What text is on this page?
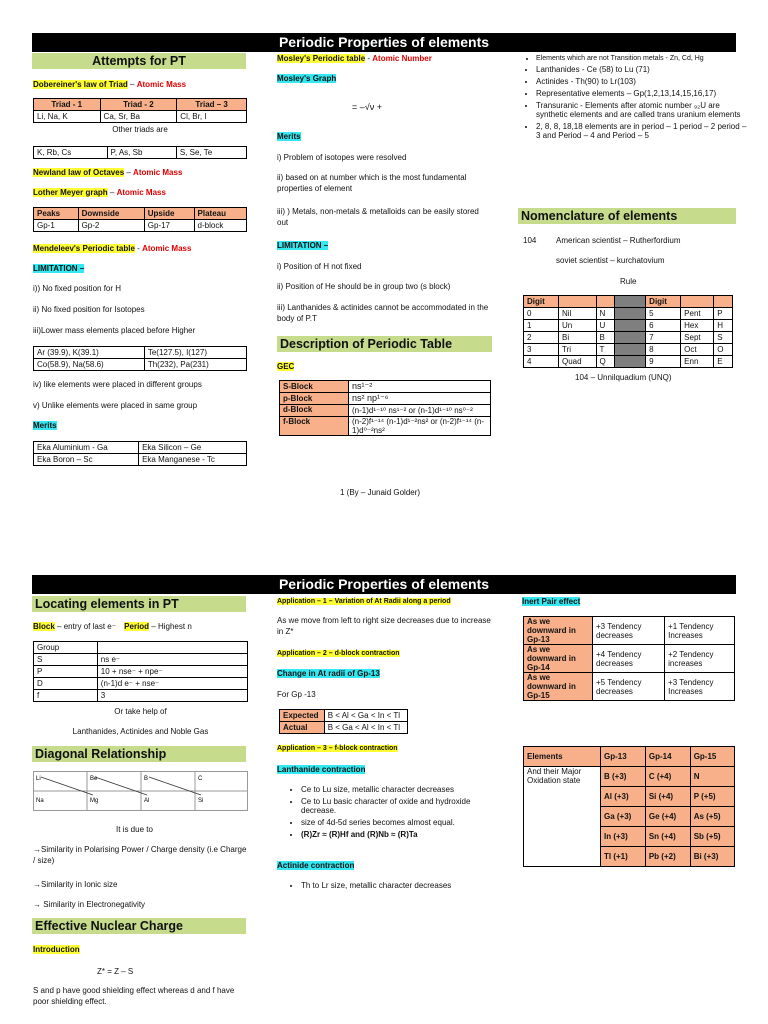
Periodic Properties of elements
Attempts for PT
Dobereiner's law of Triad – Atomic Mass
Triad - 1	Triad - 2	Triad – 3
Li, Na, K	Ca, Sr, Ba	Cl, Br, I
Other triads are
K, Rb, Cs	P, As, Sb	S, Se, Te
Newland law of Octaves – Atomic Mass
Lother Meyer graph – Atomic Mass
Peaks	Downside	Upside	Plateau
Gp-1	Gp-2	Gp-17	d-block
Mendeleev's Periodic table - Atomic Mass
LIMITATION –
i)) No fixed position for H
ii) No fixed position for Isotopes
iii)Lower mass elements placed before Higher
Ar (39.9), K(39.1)	Te(127.5), I(127)
Co(58.9), Na(58.6)	Th(232), Pa(231)
iv) like elements were placed in different groups
v) Unlike elements were placed in same group
Merits
Eka Aluminium - Ga	Eka Silicon – Ge
Eka Boron – Sc	Eka Manganese - Tc
Mosley's Periodic table - Atomic Number
Mosley's Graph
= –√ν +
Merits
i) Problem of isotopes were resolved
ii) based on at number which is the most fundamental properties of element
iii) ) Metals, non-metals & metalloids can be easily stored out
LIMITATION –
i) Position of H not fixed
ii) Position of He should be in group two (s block)
iii) Lanthanides & actinides cannot be accommodated in the body of P.T
Description of Periodic Table
GEC
S-Block	ns¹⁻²
p-Block	ns² np¹⁻⁶
d-Block	(n-1)d¹⁻¹⁰ ns¹⁻² or (n-1)d¹⁻¹⁰ ns⁰⁻²
f-Block	(n-2)f¹⁻¹⁴ (n-1)d¹⁻²ns² or (n-2)f¹⁻¹⁴ (n-1)d⁰⁻²ns²
1 (By – Junaid Golder)
• Elements which are not Transition metals - Zn, Cd, Hg
• Lanthanides - Ce (58) to Lu (71)
• Actinides - Th(90) to Lr(103)
• Representative elements – Gp(1,2,13,14,15,16,17)
• Transuranic - Elements after atomic number ₉₂U are synthetic elements and are called trans uranium elements
• 2, 8, 8, 18,18 elements are in period – 1 period – 2 period – 3 and Period – 4 and Period – 5
Nomenclature of elements
104 American scientist – Rutherfordium
soviet scientist – kurchatovium
Rule
Digit				Digit		
0	Nil	N		5	Pent	P
1	Un	U		6	Hex	H
2	Bi	B		7	Sept	S
3	Tri	T		8	Oct	O
4	Quad	Q		9	Enn	E
104 – Unnilquadium (UNQ)
Periodic Properties of elements
Locating elements in PT
Block – entry of last e⁻ Period – Highest n
Group	
S	ns e⁻
P	10 + nse⁻ + npe⁻
D	(n-1)d e⁻ + nse⁻
f	3
Or take help of
Lanthanides, Actinides and Noble Gas
Diagonal Relationship
Li	Be	B	C
Na	Mg	Al	Si
It is due to
→Similarity in Polarising Power / Charge density (i.e Charge / size)
→Similarity in Ionic size
→ Similarity in Electronegativity
Effective Nuclear Charge
Introduction
Z* = Z – S
S and p have good shielding effect whereas d and f have poor shielding effect.
Application – 1 – Variation of At Radii along a period
As we move from left to right size decreases due to increase in Z*
Application – 2 – d-block contraction
Change in At radii of Gp-13
For Gp -13
Expected	B < Al < Ga < In < Tl
Actual	B < Ga < Al < In < Tl
Application – 3 – f-block contraction
Lanthanide contraction
• Ce to Lu size, metallic character decreases
• Ce to Lu basic character of oxide and hydroxide decrease.
• size of 4d-5d series becomes almost equal.
• (R)Zr ≈ (R)Hf and (R)Nb ≈ (R)Ta
Actinide contraction
• Th to Lr size, metallic character decreases
Inert Pair effect
As we downward in Gp-13	+3 Tendency decreases	+1 Tendency Increases
As we downward in Gp-14	+4 Tendency decreases	+2 Tendency increases
As we downward in Gp-15	+5 Tendency decreases	+3 Tendency Increases
Elements	Gp-13	Gp-14	Gp-15
And their Major Oxidation state	B (+3)	C (+4)	N
	Al (+3)	Si (+4)	P (+5)
	Ga (+3)	Ge (+4)	As (+5)
	In (+3)	Sn (+4)	Sb (+5)
	Tl (+1)	Pb (+2)	Bi (+3)
